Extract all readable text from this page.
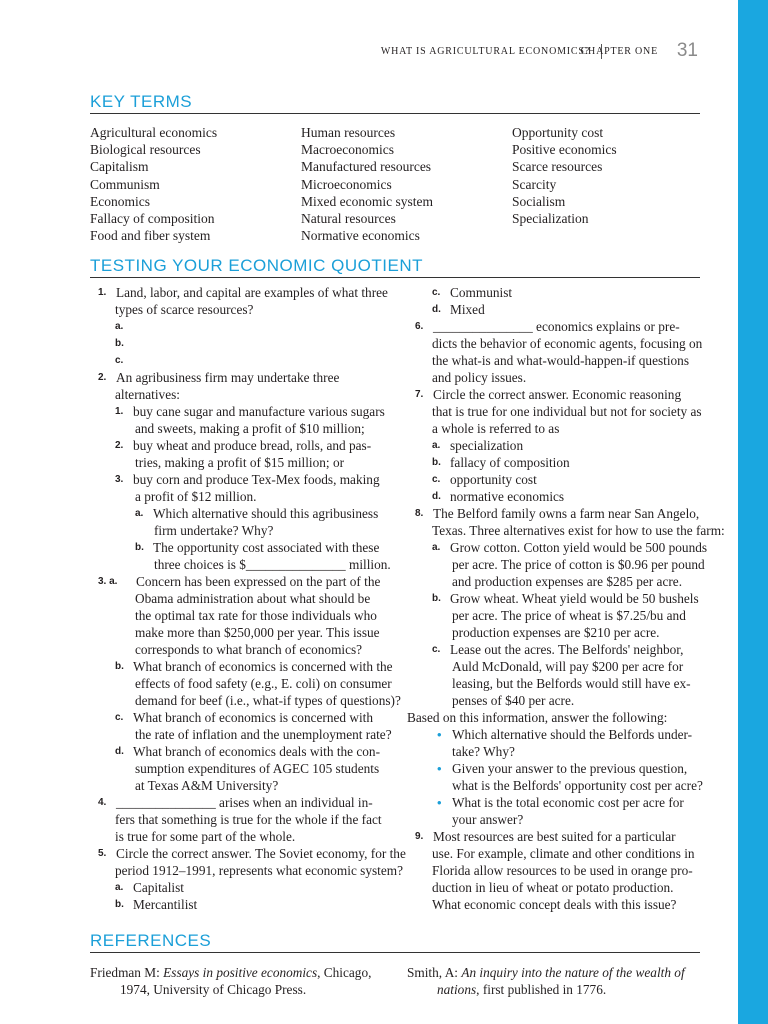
WHAT IS AGRICULTURAL ECONOMICS?
CHAPTER ONE 31
KEY TERMS
Agricultural economics
Biological resources
Capitalism
Communism
Economics
Fallacy of composition
Food and fiber system
Human resources
Macroeconomics
Manufactured resources
Microeconomics
Mixed economic system
Natural resources
Normative economics
Opportunity cost
Positive economics
Scarce resources
Scarcity
Socialism
Specialization
TESTING YOUR ECONOMIC QUOTIENT
1. Land, labor, and capital are examples of what three
types of scarce resources?
a.
b.
c.
2. An agribusiness firm may undertake three
alternatives:
1. buy cane sugar and manufacture various sugars
and sweets, making a profit of $10 million;
2. buy wheat and produce bread, rolls, and pas-
tries, making a profit of $15 million; or
3. buy corn and produce Tex-Mex foods, making
a profit of $12 million.
a. Which alternative should this agribusiness
firm undertake? Why?
b. The opportunity cost associated with these
three choices is $_______________ million.
3. a. Concern has been expressed on the part of the
Obama administration about what should be
the optimal tax rate for those individuals who
make more than $250,000 per year. This issue
corresponds to what branch of economics?
b. What branch of economics is concerned with the
effects of food safety (e.g., E. coli) on consumer
demand for beef (i.e., what-if types of questions)?
c. What branch of economics is concerned with
the rate of inflation and the unemployment rate?
d. What branch of economics deals with the con-
sumption expenditures of AGEC 105 students
at Texas A&M University?
4. _______________ arises when an individual in-
fers that something is true for the whole if the fact
is true for some part of the whole.
5. Circle the correct answer. The Soviet economy, for the
period 1912–1991, represents what economic system?
a. Capitalist
b. Mercantilist
c. Communist
d. Mixed
6. _______________ economics explains or pre-
dicts the behavior of economic agents, focusing on
the what-is and what-would-happen-if questions
and policy issues.
7. Circle the correct answer. Economic reasoning
that is true for one individual but not for society as
a whole is referred to as
a. specialization
b. fallacy of composition
c. opportunity cost
d. normative economics
8. The Belford family owns a farm near San Angelo,
Texas. Three alternatives exist for how to use the farm:
a. Grow cotton. Cotton yield would be 500 pounds
per acre. The price of cotton is $0.96 per pound
and production expenses are $285 per acre.
b. Grow wheat. Wheat yield would be 50 bushels
per acre. The price of wheat is $7.25/bu and
production expenses are $210 per acre.
c. Lease out the acres. The Belfords' neighbor,
Auld McDonald, will pay $200 per acre for
leasing, but the Belfords would still have ex-
penses of $40 per acre.
Based on this information, answer the following:
• Which alternative should the Belfords under-
take? Why?
• Given your answer to the previous question,
what is the Belfords' opportunity cost per acre?
• What is the total economic cost per acre for
your answer?
9. Most resources are best suited for a particular
use. For example, climate and other conditions in
Florida allow resources to be used in orange pro-
duction in lieu of wheat or potato production.
What economic concept deals with this issue?
REFERENCES
Friedman M: Essays in positive economics, Chicago,
1974, University of Chicago Press.
Smith, A: An inquiry into the nature of the wealth of
nations, first published in 1776.
